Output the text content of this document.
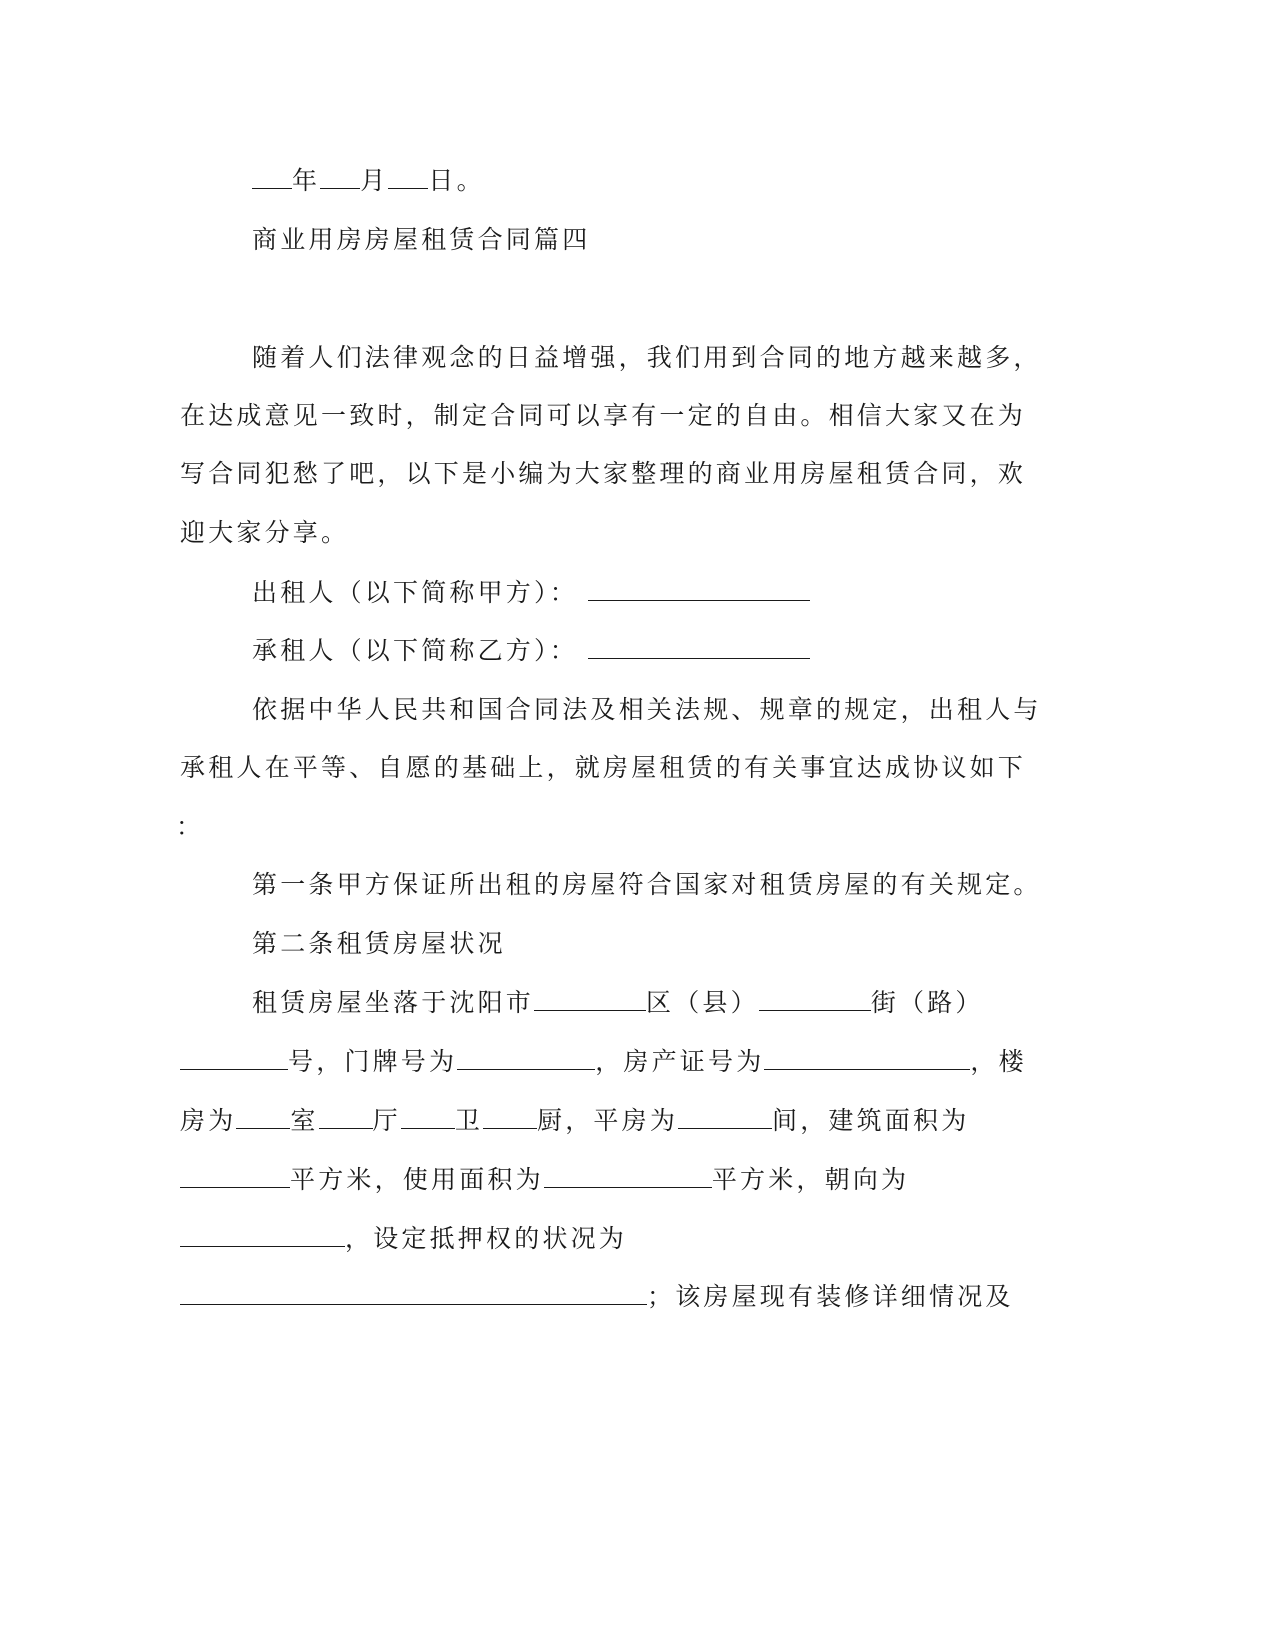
年 月 日。
商业用房房屋租赁合同篇四
随着人们法律观念的日益增强，我们用到合同的地方越来越多，
在达成意见一致时，制定合同可以享有一定的自由。相信大家又在为
写合同犯愁了吧，以下是小编为大家整理的商业用房屋租赁合同，欢
迎大家分享。
出租人（以下简称甲方）：
承租人（以下简称乙方）：
依据中华人民共和国合同法及相关法规、规章的规定，出租人与
承租人在平等、自愿的基础上，就房屋租赁的有关事宜达成协议如下
：
第一条甲方保证所出租的房屋符合国家对租赁房屋的有关规定。
第二条租赁房屋状况
租赁房屋坐落于沈阳市	区（县）	街（路）
号，门牌号为	，房产证号为	，楼
房为 室 厅 卫 厨，平房为	间，建筑面积为
平方米，使用面积为	平方米，朝向为
，设定抵押权的状况为
；该房屋现有装修详细情况及
